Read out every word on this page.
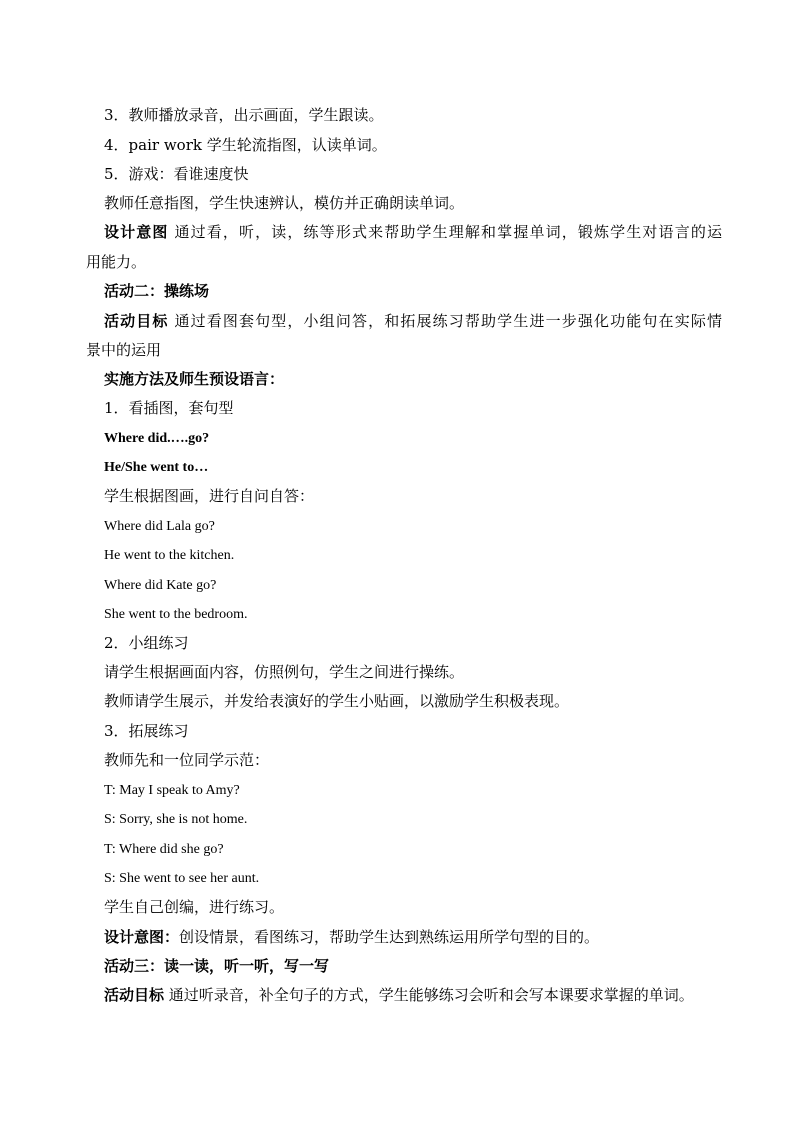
3．教师播放录音，出示画面，学生跟读。
4．pair work 学生轮流指图，认读单词。
5．游戏：看谁速度快
教师任意指图，学生快速辨认，模仿并正确朗读单词。
设计意图 通过看，听，读，练等形式来帮助学生理解和掌握单词，锻炼学生对语言的运
用能力。
活动二：操练场
活动目标 通过看图套句型，小组问答，和拓展练习帮助学生进一步强化功能句在实际情
景中的运用
实施方法及师生预设语言：
1．看插图，套句型
Where did.….go?
He/She went to…
学生根据图画，进行自问自答：
Where did Lala go?
He went to the kitchen.
Where did Kate go?
She went to the bedroom.
2．小组练习
请学生根据画面内容，仿照例句，学生之间进行操练。
教师请学生展示，并发给表演好的学生小贴画，以激励学生积极表现。
3．拓展练习
教师先和一位同学示范：
T: May I speak to Amy?
S: Sorry, she is not home.
T: Where did she go?
S: She went to see her aunt.
学生自己创编，进行练习。
设计意图：创设情景，看图练习，帮助学生达到熟练运用所学句型的目的。
活动三：读一读，听一听，写一写
活动目标 通过听录音，补全句子的方式，学生能够练习会听和会写本课要求掌握的单词。
